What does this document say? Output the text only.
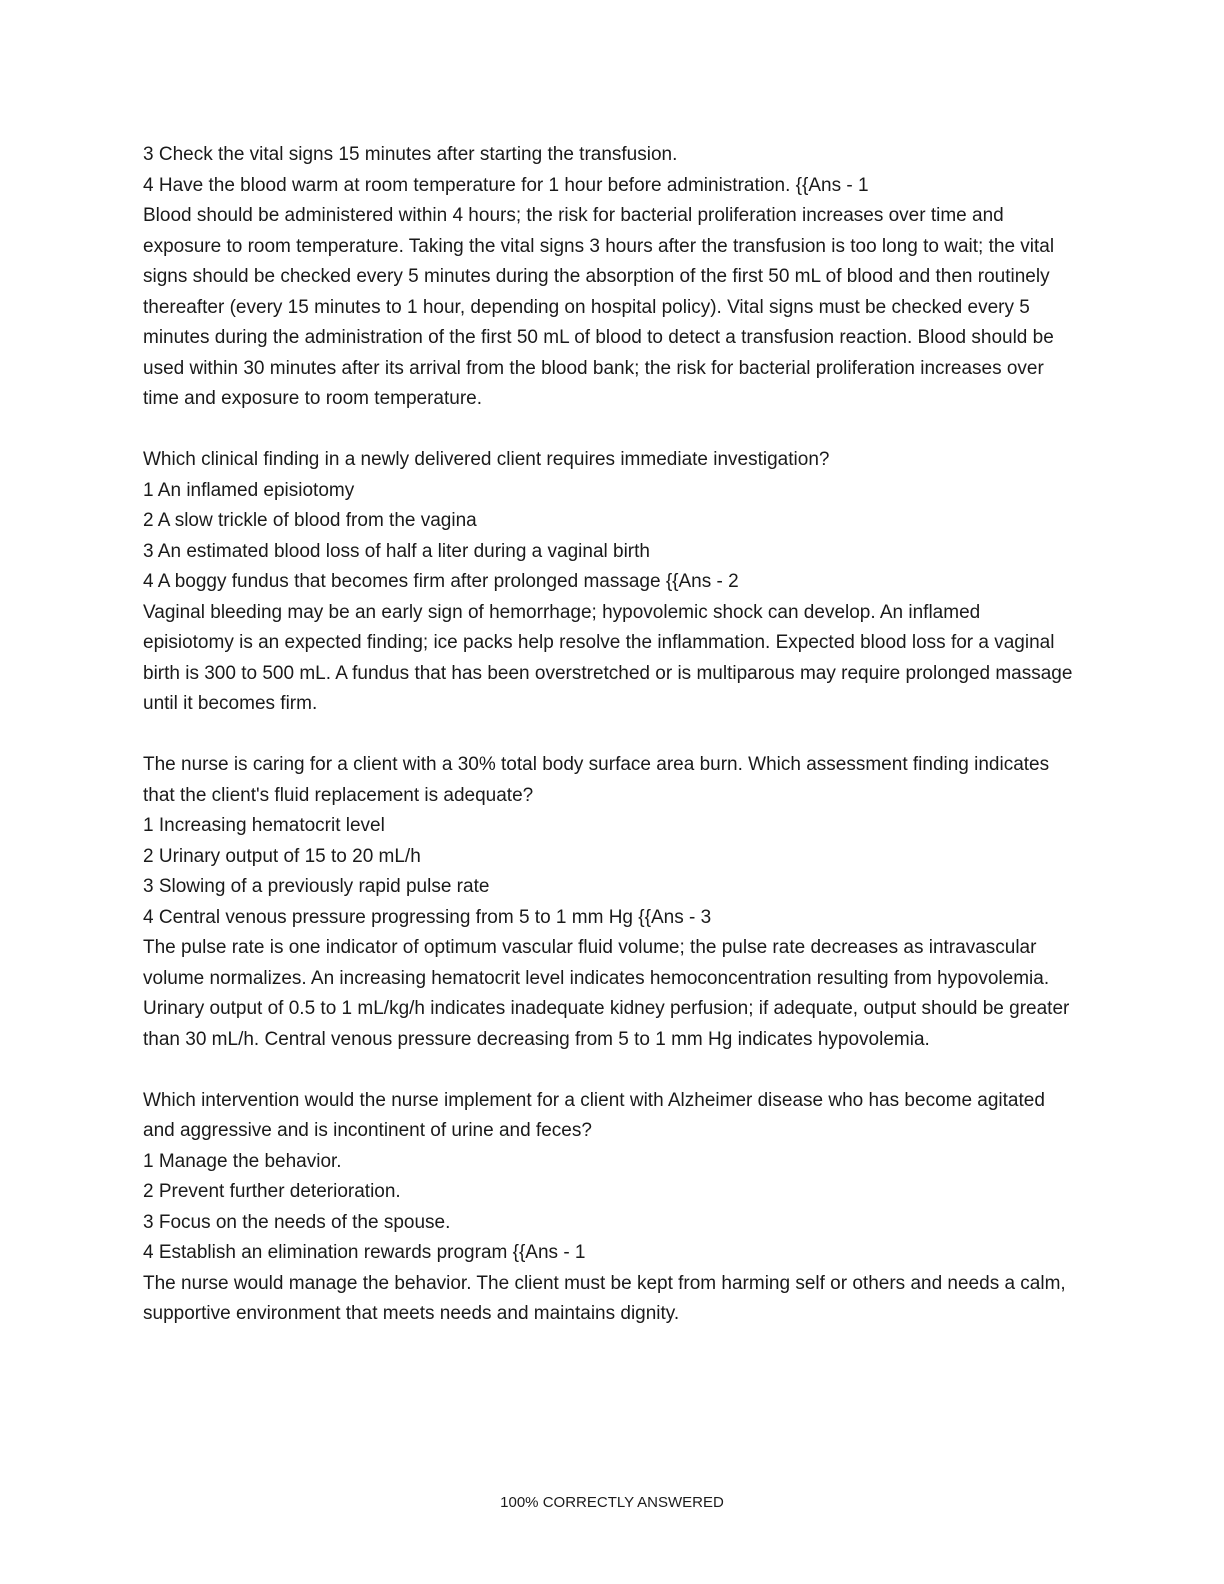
3 Check the vital signs 15 minutes after starting the transfusion.
4 Have the blood warm at room temperature for 1 hour before administration. {{Ans - 1
Blood should be administered within 4 hours; the risk for bacterial proliferation increases over time and exposure to room temperature. Taking the vital signs 3 hours after the transfusion is too long to wait; the vital signs should be checked every 5 minutes during the absorption of the first 50 mL of blood and then routinely thereafter (every 15 minutes to 1 hour, depending on hospital policy). Vital signs must be checked every 5 minutes during the administration of the first 50 mL of blood to detect a transfusion reaction. Blood should be used within 30 minutes after its arrival from the blood bank; the risk for bacterial proliferation increases over time and exposure to room temperature.
Which clinical finding in a newly delivered client requires immediate investigation?
1 An inflamed episiotomy
2 A slow trickle of blood from the vagina
3 An estimated blood loss of half a liter during a vaginal birth
4 A boggy fundus that becomes firm after prolonged massage {{Ans - 2
Vaginal bleeding may be an early sign of hemorrhage; hypovolemic shock can develop. An inflamed episiotomy is an expected finding; ice packs help resolve the inflammation. Expected blood loss for a vaginal birth is 300 to 500 mL. A fundus that has been overstretched or is multiparous may require prolonged massage until it becomes firm.
The nurse is caring for a client with a 30% total body surface area burn. Which assessment finding indicates that the client's fluid replacement is adequate?
1 Increasing hematocrit level
2 Urinary output of 15 to 20 mL/h
3 Slowing of a previously rapid pulse rate
4 Central venous pressure progressing from 5 to 1 mm Hg {{Ans - 3
The pulse rate is one indicator of optimum vascular fluid volume; the pulse rate decreases as intravascular volume normalizes. An increasing hematocrit level indicates hemoconcentration resulting from hypovolemia. Urinary output of 0.5 to 1 mL/kg/h indicates inadequate kidney perfusion; if adequate, output should be greater than 30 mL/h. Central venous pressure decreasing from 5 to 1 mm Hg indicates hypovolemia.
Which intervention would the nurse implement for a client with Alzheimer disease who has become agitated and aggressive and is incontinent of urine and feces?
1 Manage the behavior.
2 Prevent further deterioration.
3 Focus on the needs of the spouse.
4 Establish an elimination rewards program {{Ans - 1
The nurse would manage the behavior. The client must be kept from harming self or others and needs a calm, supportive environment that meets needs and maintains dignity.
100% CORRECTLY ANSWERED
